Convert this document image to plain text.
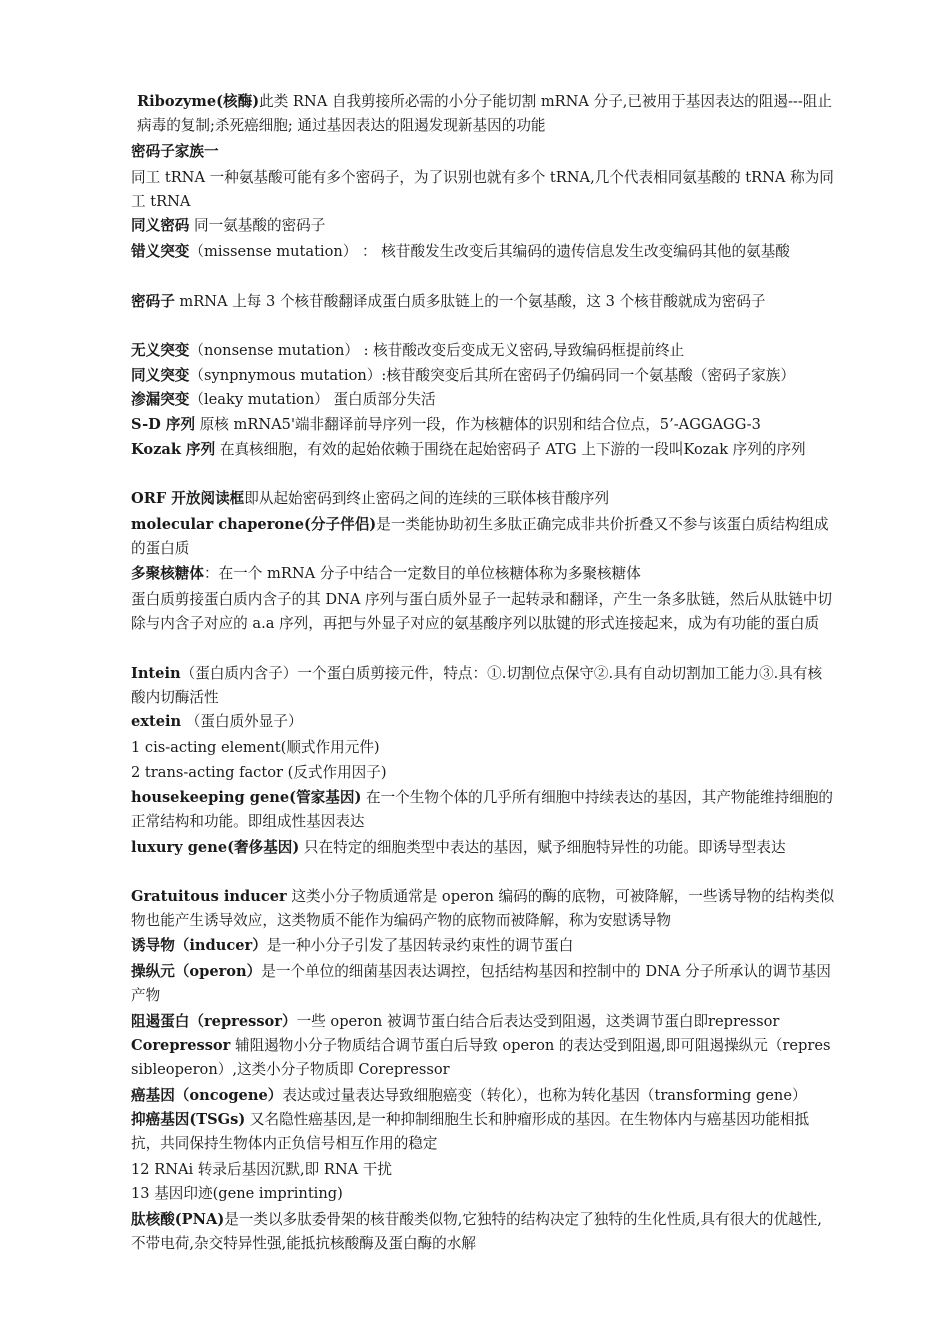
Ribozyme(核酶)此类 RNA 自我剪接所必需的小分子能切割 mRNA 分子,已被用于基因表达的阻遏---阻止病毒的复制;杀死癌细胞; 通过基因表达的阻遏发现新基因的功能
密码子家族一
同工 tRNA 一种氨基酸可能有多个密码子，为了识别也就有多个 tRNA,几个代表相同氨基酸的 tRNA 称为同工 tRNA
同义密码 同一氨基酸的密码子
错义突变（missense mutation） ： 核苷酸发生改变后其编码的遗传信息发生改变编码其他的氨基酸
密码子 mRNA 上每 3 个核苷酸翻译成蛋白质多肽链上的一个氨基酸，这 3 个核苷酸就成为密码子
无义突变（nonsense mutation） : 核苷酸改变后变成无义密码,导致编码框提前终止
同义突变（synpnymous mutation）:核苷酸突变后其所在密码子仍编码同一个氨基酸（密码子家族）
渗漏突变（leaky mutation） 蛋白质部分失活
S-D 序列 原核 mRNA5'端非翻译前导序列一段，作为核糖体的识别和结合位点，5’-AGGAGG-3
Kozak 序列 在真核细胞，有效的起始依赖于围绕在起始密码子 ATG 上下游的一段叫Kozak 序列的序列
ORF 开放阅读框即从起始密码到终止密码之间的连续的三联体核苷酸序列
molecular chaperone(分子伴侣)是一类能协助初生多肽正确完成非共价折叠又不参与该蛋白质结构组成的蛋白质
多聚核糖体：在一个 mRNA 分子中结合一定数目的单位核糖体称为多聚核糖体
蛋白质剪接蛋白质内含子的其 DNA 序列与蛋白质外显子一起转录和翻译，产生一条多肽链，然后从肽链中切除与内含子对应的 a.a 序列，再把与外显子对应的氨基酸序列以肽键的形式连接起来，成为有功能的蛋白质
Intein（蛋白质内含子）一个蛋白质剪接元件，特点：①.切割位点保守②.具有自动切割加工能力③.具有核酸内切酶活性
extein （蛋白质外显子）
1 cis-acting element(顺式作用元件)
2 trans-acting factor (反式作用因子)
housekeeping gene(管家基因) 在一个生物个体的几乎所有细胞中持续表达的基因，其产物能维持细胞的正常结构和功能。即组成性基因表达
luxury gene(奢侈基因) 只在特定的细胞类型中表达的基因，赋予细胞特异性的功能。即诱导型表达
Gratuitous inducer 这类小分子物质通常是 operon 编码的酶的底物，可被降解，一些诱导物的结构类似物也能产生诱导效应，这类物质不能作为编码产物的底物而被降解，称为安慰诱导物
诱导物（inducer）是一种小分子引发了基因转录约束性的调节蛋白
操纵元（operon）是一个单位的细菌基因表达调控，包括结构基因和控制中的 DNA 分子所承认的调节基因产物
阻遏蛋白（repressor）一些 operon 被调节蛋白结合后表达受到阻遏，这类调节蛋白即repressor
Corepressor 辅阻遏物小分子物质结合调节蛋白后导致 operon 的表达受到阻遏,即可阻遏操纵元（repressibleoperon）,这类小分子物质即 Corepressor
癌基因（oncogene）表达或过量表达导致细胞癌变（转化），也称为转化基因（transforming gene）
抑癌基因(TSGs) 又名隐性癌基因,是一种抑制细胞生长和肿瘤形成的基因。在生物体内与癌基因功能相抵抗，共同保持生物体内正负信号相互作用的稳定
12 RNAi 转录后基因沉默,即 RNA 干扰
13 基因印迹(gene imprinting)
肽核酸(PNA)是一类以多肽委骨架的核苷酸类似物,它独特的结构决定了独特的生化性质,具有很大的优越性,不带电荷,杂交特异性强,能抵抗核酸酶及蛋白酶的水解
